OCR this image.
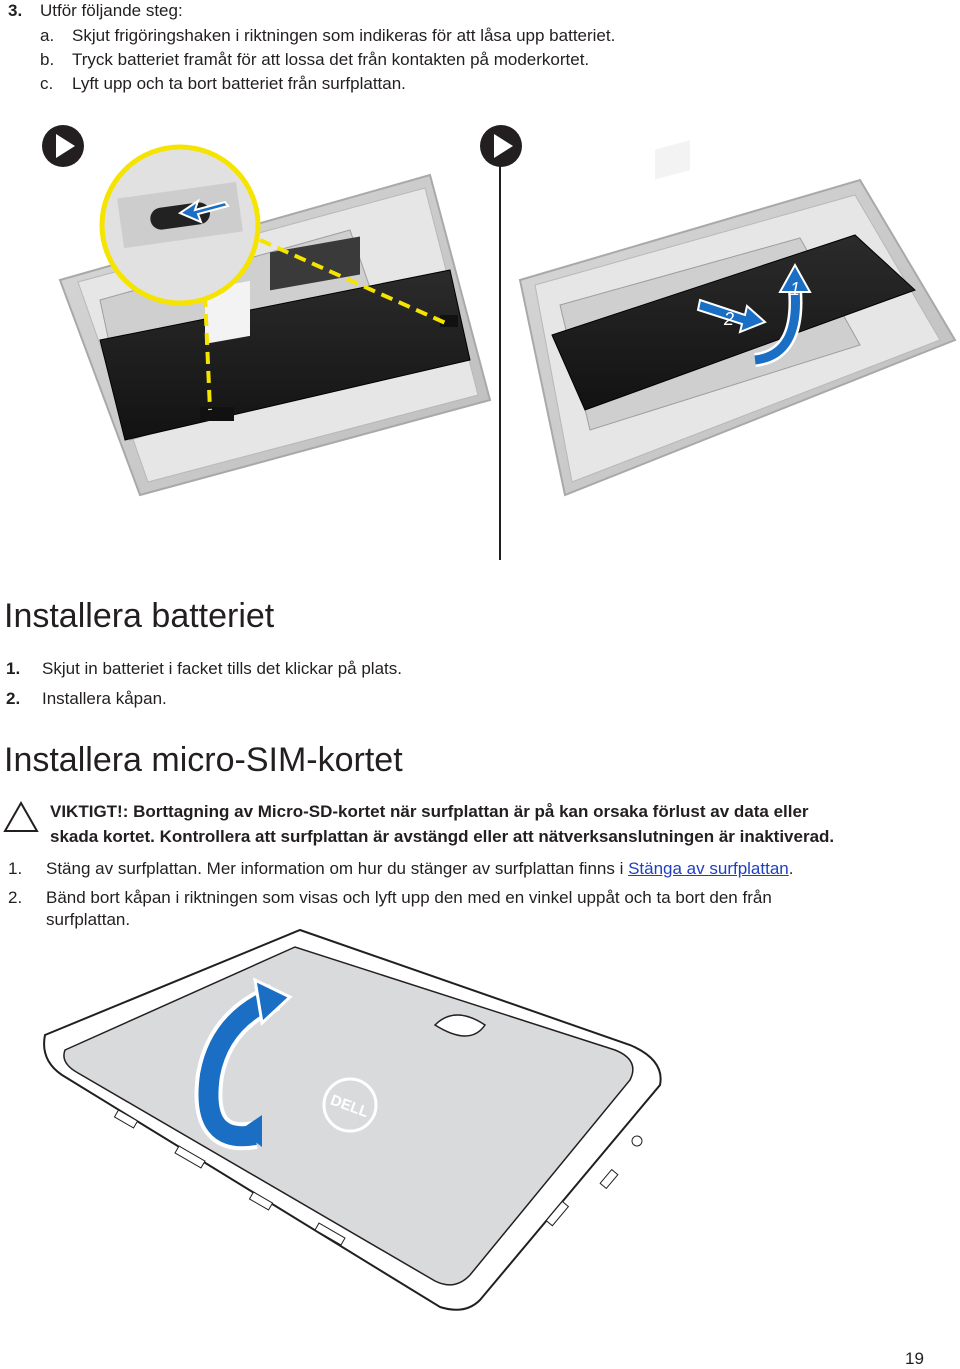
3. Utför följande steg:
a. Skjut frigöringshaken i riktningen som indikeras för att låsa upp batteriet.
b. Tryck batteriet framåt för att lossa det från kontakten på moderkortet.
c. Lyft upp och ta bort batteriet från surfplattan.
1
2
Installera batteriet
1. Skjut in batteriet i facket tills det klickar på plats.
2. Installera kåpan.
Installera micro-SIM-kortet
VIKTIGT!: Borttagning av Micro-SD-kortet när surfplattan är på kan orsaka förlust av data eller
skada kortet. Kontrollera att surfplattan är avstängd eller att nätverksanslutningen är inaktiverad.
1. Stäng av surfplattan. Mer information om hur du stänger av surfplattan finns i Stänga av surfplattan.
2. Bänd bort kåpan i riktningen som visas och lyft upp den med en vinkel uppåt och ta bort den från
surfplattan.
DELL
19
